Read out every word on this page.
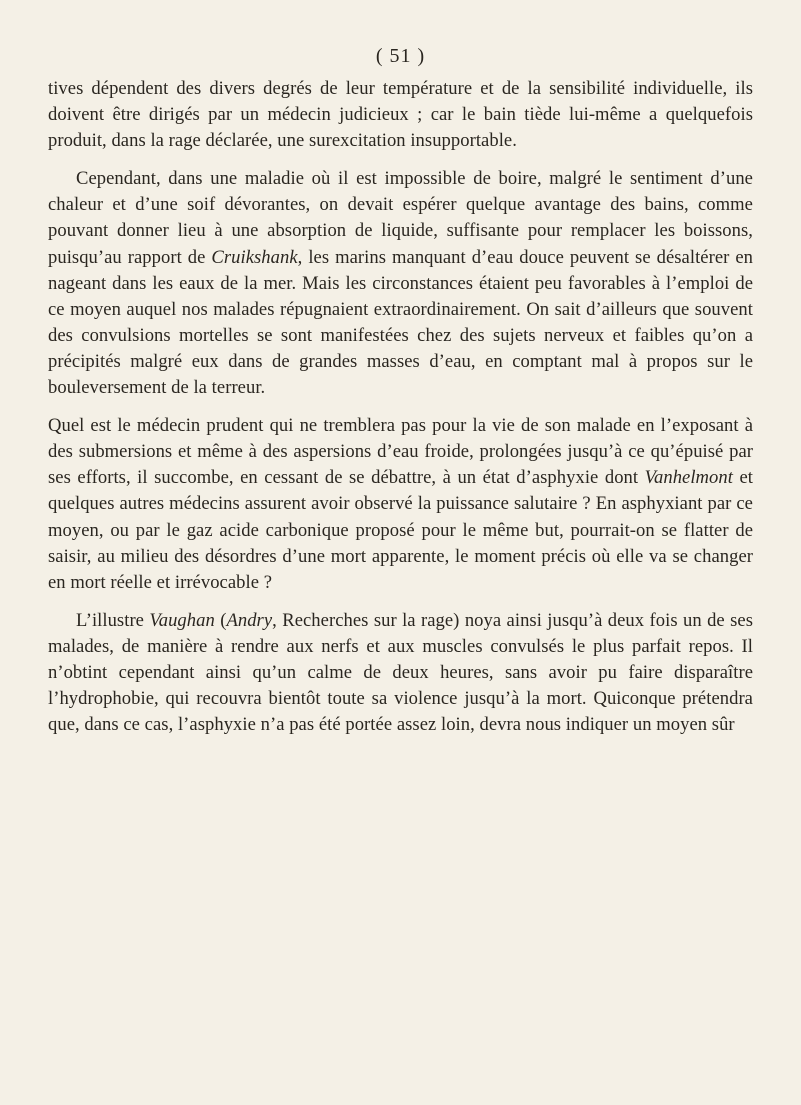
( 51 )

tives dépendent des divers degrés de leur température et de la sensibilité individuelle, ils doivent être dirigés par un médecin judicieux ; car le bain tiède lui-même a quelquefois produit, dans la rage déclarée, une surexcitation insupportable.

Cependant, dans une maladie où il est impossible de boire, malgré le sentiment d’une chaleur et d’une soif dévorantes, on devait espérer quelque avantage des bains, comme pouvant donner lieu à une absorption de liquide, suffisante pour remplacer les boissons, puisqu’au rapport de Cruikshank, les marins manquant d’eau douce peuvent se désaltérer en nageant dans les eaux de la mer. Mais les circonstances étaient peu favorables à l’emploi de ce moyen auquel nos malades répugnaient extraordinairement. On sait d’ailleurs que souvent des convulsions mortelles se sont manifestées chez des sujets nerveux et faibles qu’on a précipités malgré eux dans de grandes masses d’eau, en comptant mal à propos sur le bouleversement de la terreur.

Quel est le médecin prudent qui ne tremblera pas pour la vie de son malade en l’exposant à des submersions et même à des aspersions d’eau froide, prolongées jusqu’à ce qu’épuisé par ses efforts, il succombe, en cessant de se débattre, à un état d’asphyxie dont Vanhelmont et quelques autres médecins assurent avoir observé la puissance salutaire ? En asphyxiant par ce moyen, ou par le gaz acide carbonique proposé pour le même but, pourrait-on se flatter de saisir, au milieu des désordres d’une mort apparente, le moment précis où elle va se changer en mort réelle et irrévocable ?

L’illustre Vaughan (Andry, Recherches sur la rage) noya ainsi jusqu’à deux fois un de ses malades, de manière à rendre aux nerfs et aux muscles convulsés le plus parfait repos. Il n’obtint cependant ainsi qu’un calme de deux heures, sans avoir pu faire disparaître l’hydrophobie, qui recouvra bientôt toute sa violence jusqu’à la mort. Quiconque prétendra que, dans ce cas, l’asphyxie n’a pas été portée assez loin, devra nous indiquer un moyen sûr
